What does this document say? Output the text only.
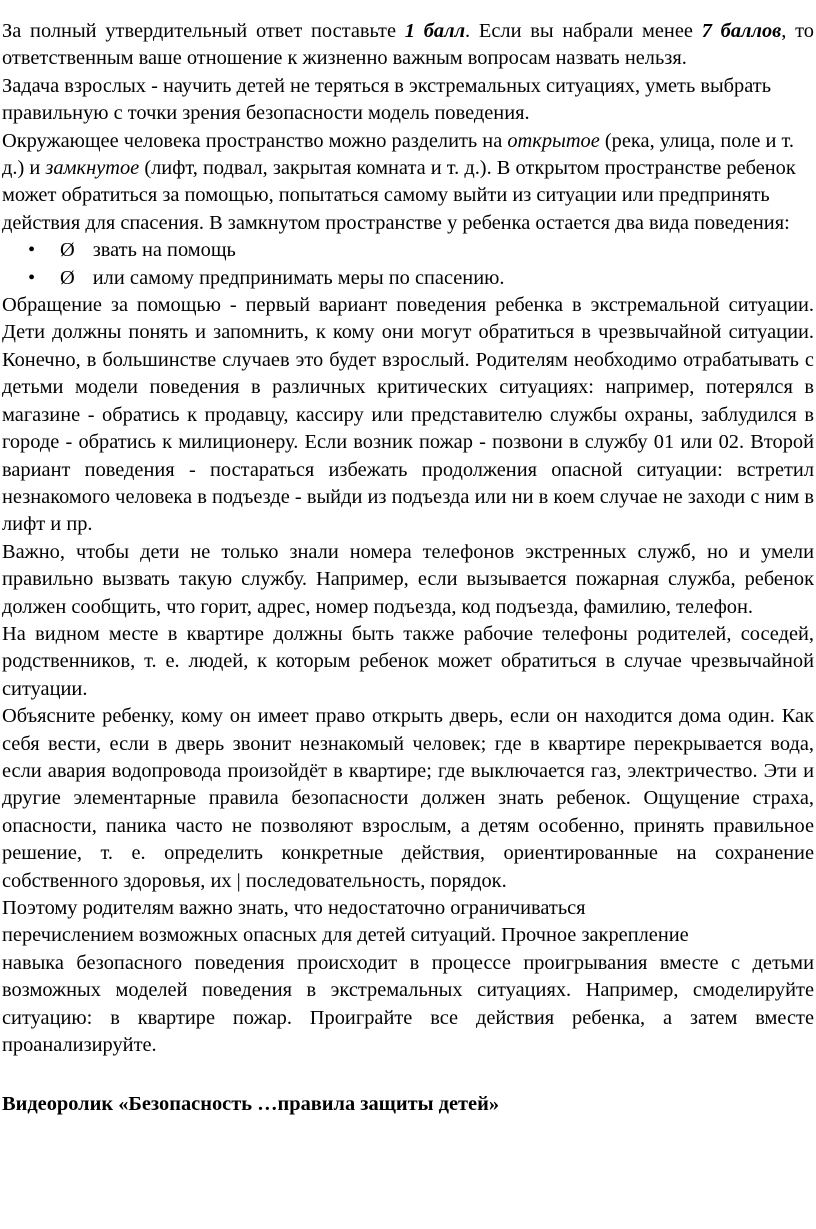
За полный утвердительный ответ поставьте 1 балл. Если вы набрали менее 7 баллов, то ответственным ваше отношение к жизненно важным вопросам назвать нельзя.

Задача взрослых - научить детей не теряться в экстремальных ситуациях, уметь выбрать правильную с точки зрения безопасности модель поведения.

Окружающее человека пространство можно разделить на открытое (река, улица, поле и т. д.) и замкнутое (лифт, подвал, закрытая комната и т. д.). В открытом пространстве ребенок может обратиться за помощью, попытаться самому выйти из ситуации или предпринять действия для спасения. В замкнутом пространстве у ребенка остается два вида поведения:

• Ø звать на помощь
• Ø или самому предпринимать меры по спасению.

Обращение за помощью - первый вариант поведения ребенка в экстремальной ситуации. Дети должны понять и запомнить, к кому они могут обратиться в чрезвычайной ситуации. Конечно, в большинстве случаев это будет взрослый. Родителям необходимо отрабатывать с детьми модели поведения в различных критических ситуациях: например, потерялся в магазине - обратись к продавцу, кассиру или представителю службы охраны, заблудился в городе - обратись к милиционеру. Если возник пожар - позвони в службу 01 или 02. Второй вариант поведения - постараться избежать продолжения опасной ситуации: встретил незнакомого человека в подъезде - выйди из подъезда или ни в коем случае не заходи с ним в лифт и пр.

Важно, чтобы дети не только знали номера телефонов экстренных служб, но и умели правильно вызвать такую службу. Например, если вызывается пожарная служба, ребенок должен сообщить, что горит, адрес, номер подъезда, код подъезда, фамилию, телефон.

На видном месте в квартире должны быть также рабочие телефоны родителей, соседей, родственников, т. е. людей, к которым ребенок может обратиться в случае чрезвычайной ситуации.

Объясните ребенку, кому он имеет право открыть дверь, если он находится дома один. Как себя вести, если в дверь звонит незнакомый человек; где в квартире перекрывается вода, если авария водопровода произойдёт в квартире; где выключается газ, электричество. Эти и другие элементарные правила безопасности должен знать ребенок. Ощущение страха, опасности, паника часто не позволяют взрослым, а детям особенно, принять правильное решение, т. е. определить конкретные действия, ориентированные на сохранение собственного здоровья, их | последовательность, порядок.

Поэтому родителям важно знать, что недостаточно ограничиваться
перечислением возможных опасных для детей ситуаций. Прочное закрепление
навыка безопасного поведения происходит в процессе проигрывания вместе с детьми возможных моделей поведения в экстремальных ситуациях. Например, смоделируйте ситуацию: в квартире пожар. Проиграйте все действия ребенка, а затем вместе проанализируйте.

Видеоролик «Безопасность …правила защиты детей»
